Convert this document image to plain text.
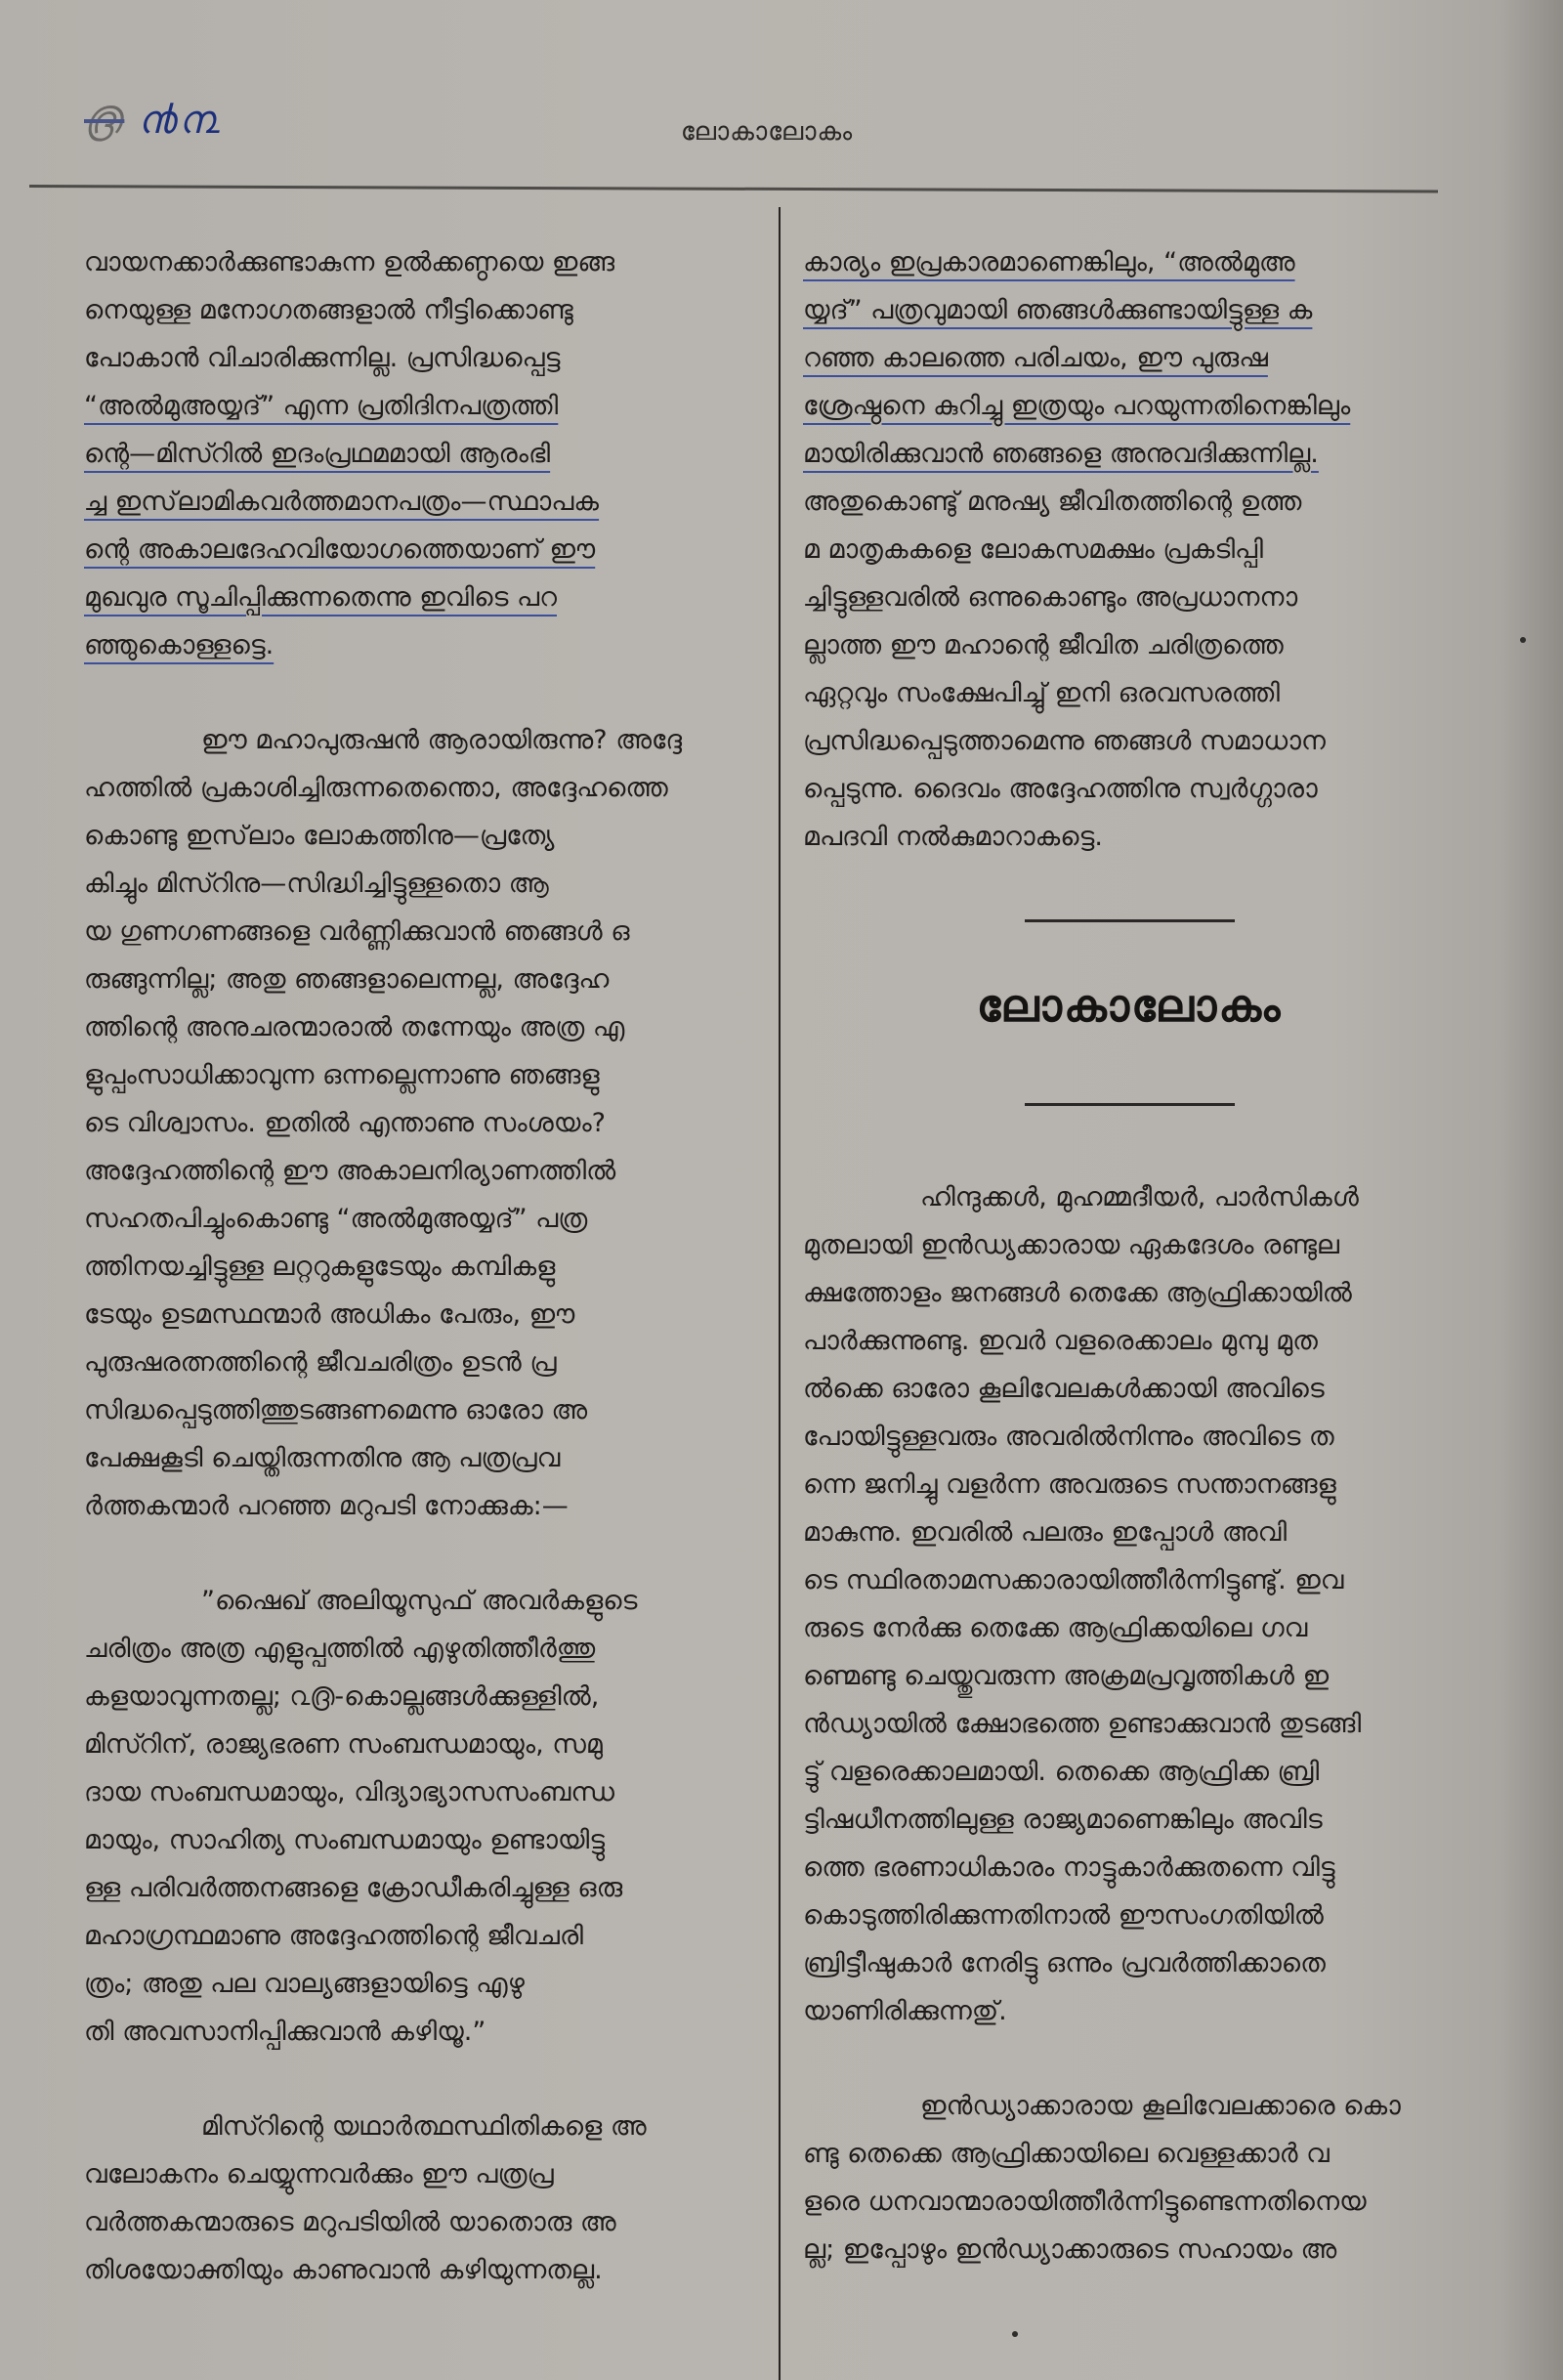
൫ ൯൩	ലോകാലോകം
വായനക്കാർക്കുണ്ടാകുന്ന ഉൽക്കണ്ഠയെ ഇങ്ങ
നെയുള്ള മനോഗതങ്ങളാൽ നീട്ടിക്കൊണ്ടു
പോകാൻ വിചാരിക്കുന്നില്ല. പ്രസിദ്ധപ്പെട്ട
“അൽമുഅയ്യദ്” എന്ന പ്രതിദിനപത്രത്തി
ന്റെ—മിസ്റിൽ ഇദംപ്രഥമമായി ആരംഭി
ച്ച ഇസ്‌ലാമികവർത്തമാനപത്രം—സ്ഥാപക
ന്റെ അകാലദേഹവിയോഗത്തെയാണ് ഈ
മുഖവുര സൂചിപ്പിക്കുന്നതെന്നു ഇവിടെ പറ
ഞ്ഞുകൊള്ളട്ടെ.
ഈ മഹാപുരുഷൻ ആരായിരുന്നു? അദ്ദേ
ഹത്തിൽ പ്രകാശിച്ചിരുന്നതെന്തൊ, അദ്ദേഹത്തെ
കൊണ്ടു ഇസ്‌ലാം ലോകത്തിനു—പ്രത്യേ
കിച്ചും മിസ്റിനു—സിദ്ധിച്ചിട്ടുള്ളതൊ ആ
യ ഗുണഗണങ്ങളെ വർണ്ണിക്കുവാൻ ഞങ്ങൾ ഒ
രുങ്ങുന്നില്ല; അതു ഞങ്ങളാലെന്നല്ല, അദ്ദേഹ
ത്തിന്റെ അനുചരന്മാരാൽ തന്നേയും അത്ര എ
ളുപ്പംസാധിക്കാവുന്ന ഒന്നല്ലെന്നാണു ഞങ്ങളു
ടെ വിശ്വാസം. ഇതിൽ എന്താണു സംശയം?
അദ്ദേഹത്തിന്റെ ഈ അകാലനിര്യാണത്തിൽ
സഹതപിച്ചുംകൊണ്ടു “അൽമുഅയ്യദ്” പത്ര
ത്തിനയച്ചിട്ടുള്ള ലറ്ററുകളുടേയും കമ്പികളു
ടേയും ഉടമസ്ഥന്മാർ അധികം പേരും, ഈ
പുരുഷരത്നത്തിന്റെ ജീവചരിത്രം ഉടൻ പ്ര
സിദ്ധപ്പെടുത്തിത്തുടങ്ങണമെന്നു ഓരോ അ
പേക്ഷകൂടി ചെയ്തിരുന്നതിനു ആ പത്രപ്രവ
ർത്തകന്മാർ പറഞ്ഞ മറുപടി നോക്കുക:—
”ഷൈഖ് അലിയൂസുഫ് അവർകളുടെ
ചരിത്രം അത്ര എളുപ്പത്തിൽ എഴുതിത്തീർത്തു
കളയാവുന്നതല്ല; ൨൫-കൊല്ലങ്ങൾക്കുള്ളിൽ,
മിസ്റിന്, രാജ്യഭരണ സംബന്ധമായും, സമു
ദായ സംബന്ധമായും, വിദ്യാഭ്യാസസംബന്ധ
മായും, സാഹിത്യ സംബന്ധമായും ഉണ്ടായിട്ടു
ള്ള പരിവർത്തനങ്ങളെ ക്രോഡീകരിച്ചുള്ള ഒരു
മഹാഗ്രന്ഥമാണു അദ്ദേഹത്തിന്റെ ജീവചരി
ത്രം; അതു പല വാല്യങ്ങളായിട്ടെ എഴു
തി അവസാനിപ്പിക്കുവാൻ കഴിയൂ.”
മിസ്റിന്റെ യഥാർത്ഥസ്ഥിതികളെ അ
വലോകനം ചെയ്യുന്നവർക്കും ഈ പത്രപ്ര
വർത്തകന്മാരുടെ മറുപടിയിൽ യാതൊരു അ
തിശയോക്തിയും കാണുവാൻ കഴിയുന്നതല്ല.
കാര്യം ഇപ്രകാരമാണെങ്കിലും, “അൽമുഅ
യ്യദ്” പത്രവുമായി ഞങ്ങൾക്കുണ്ടായിട്ടുള്ള ക
റഞ്ഞ കാലത്തെ പരിചയം, ഈ പുരുഷ
ശ്രേഷ്ഠനെ കുറിച്ചു ഇത്രയും പറയുന്നതിനെങ്കിലും
മായിരിക്കുവാൻ ഞങ്ങളെ അനുവദിക്കുന്നില്ല.
അതുകൊണ്ടു് മനുഷ്യ ജീവിതത്തിന്റെ ഉത്ത
മ മാതൃകകളെ ലോകസമക്ഷം പ്രകടിപ്പി
ച്ചിട്ടുള്ളവരിൽ ഒന്നുകൊണ്ടും അപ്രധാനനാ
ല്ലാത്ത ഈ മഹാന്റെ ജീവിത ചരിത്രത്തെ
ഏറ്റവും സംക്ഷേപിച്ചു് ഇനി ഒരവസരത്തി
പ്രസിദ്ധപ്പെടുത്താമെന്നു ഞങ്ങൾ സമാധാന
പ്പെടുന്നു. ദൈവം അദ്ദേഹത്തിനു സ്വർഗ്ഗാരാ
മപദവി നൽകുമാറാകട്ടെ.
ലോകാലോകം
ഹിന്ദുക്കൾ, മുഹമ്മദീയർ, പാർസികൾ
മുതലായി ഇൻഡ്യക്കാരായ ഏകദേശം രണ്ടുല
ക്ഷത്തോളം ജനങ്ങൾ തെക്കേ ആഫ്രിക്കായിൽ
പാർക്കുന്നുണ്ടു. ഇവർ വളരെക്കാലം മുമ്പു മുത
ൽക്കെ ഓരോ കൂലിവേലകൾക്കായി അവിടെ
പോയിട്ടുള്ളവരും അവരിൽനിന്നും അവിടെ ത
ന്നെ ജനിച്ചു വളർന്ന അവരുടെ സന്താനങ്ങളു
മാകുന്നു. ഇവരിൽ പലരും ഇപ്പോൾ അവി
ടെ സ്ഥിരതാമസക്കാരായിത്തീർന്നിട്ടുണ്ടു്. ഇവ
രുടെ നേർക്കു തെക്കേ ആഫ്രിക്കയിലെ ഗവ
ണ്മെണ്ടു ചെയ്തുവരുന്ന അക്രമപ്രവൃത്തികൾ ഇ
ൻഡ്യായിൽ ക്ഷോഭത്തെ ഉണ്ടാക്കുവാൻ തുടങ്ങി
ട്ടു് വളരെക്കാലമായി. തെക്കെ ആഫ്രിക്ക ബ്രി
ട്ടിഷധീനത്തിലുള്ള രാജ്യമാണെങ്കിലും അവിട
ത്തെ ഭരണാധികാരം നാട്ടുകാർക്കുതന്നെ വിട്ടു
കൊടുത്തിരിക്കുന്നതിനാൽ ഈസംഗതിയിൽ
ബ്രിട്ടീഷുകാർ നേരിട്ടു ഒന്നും പ്രവർത്തിക്കാതെ
യാണിരിക്കുന്നതു്.
ഇൻഡ്യാക്കാരായ കൂലിവേലക്കാരെ കൊ
ണ്ടു തെക്കെ ആഫ്രിക്കായിലെ വെള്ളക്കാർ വ
ളരെ ധനവാന്മാരായിത്തീർന്നിട്ടുണ്ടെന്നതിനെയ
ല്ല; ഇപ്പോഴും ഇൻഡ്യാക്കാരുടെ സഹായം അ
